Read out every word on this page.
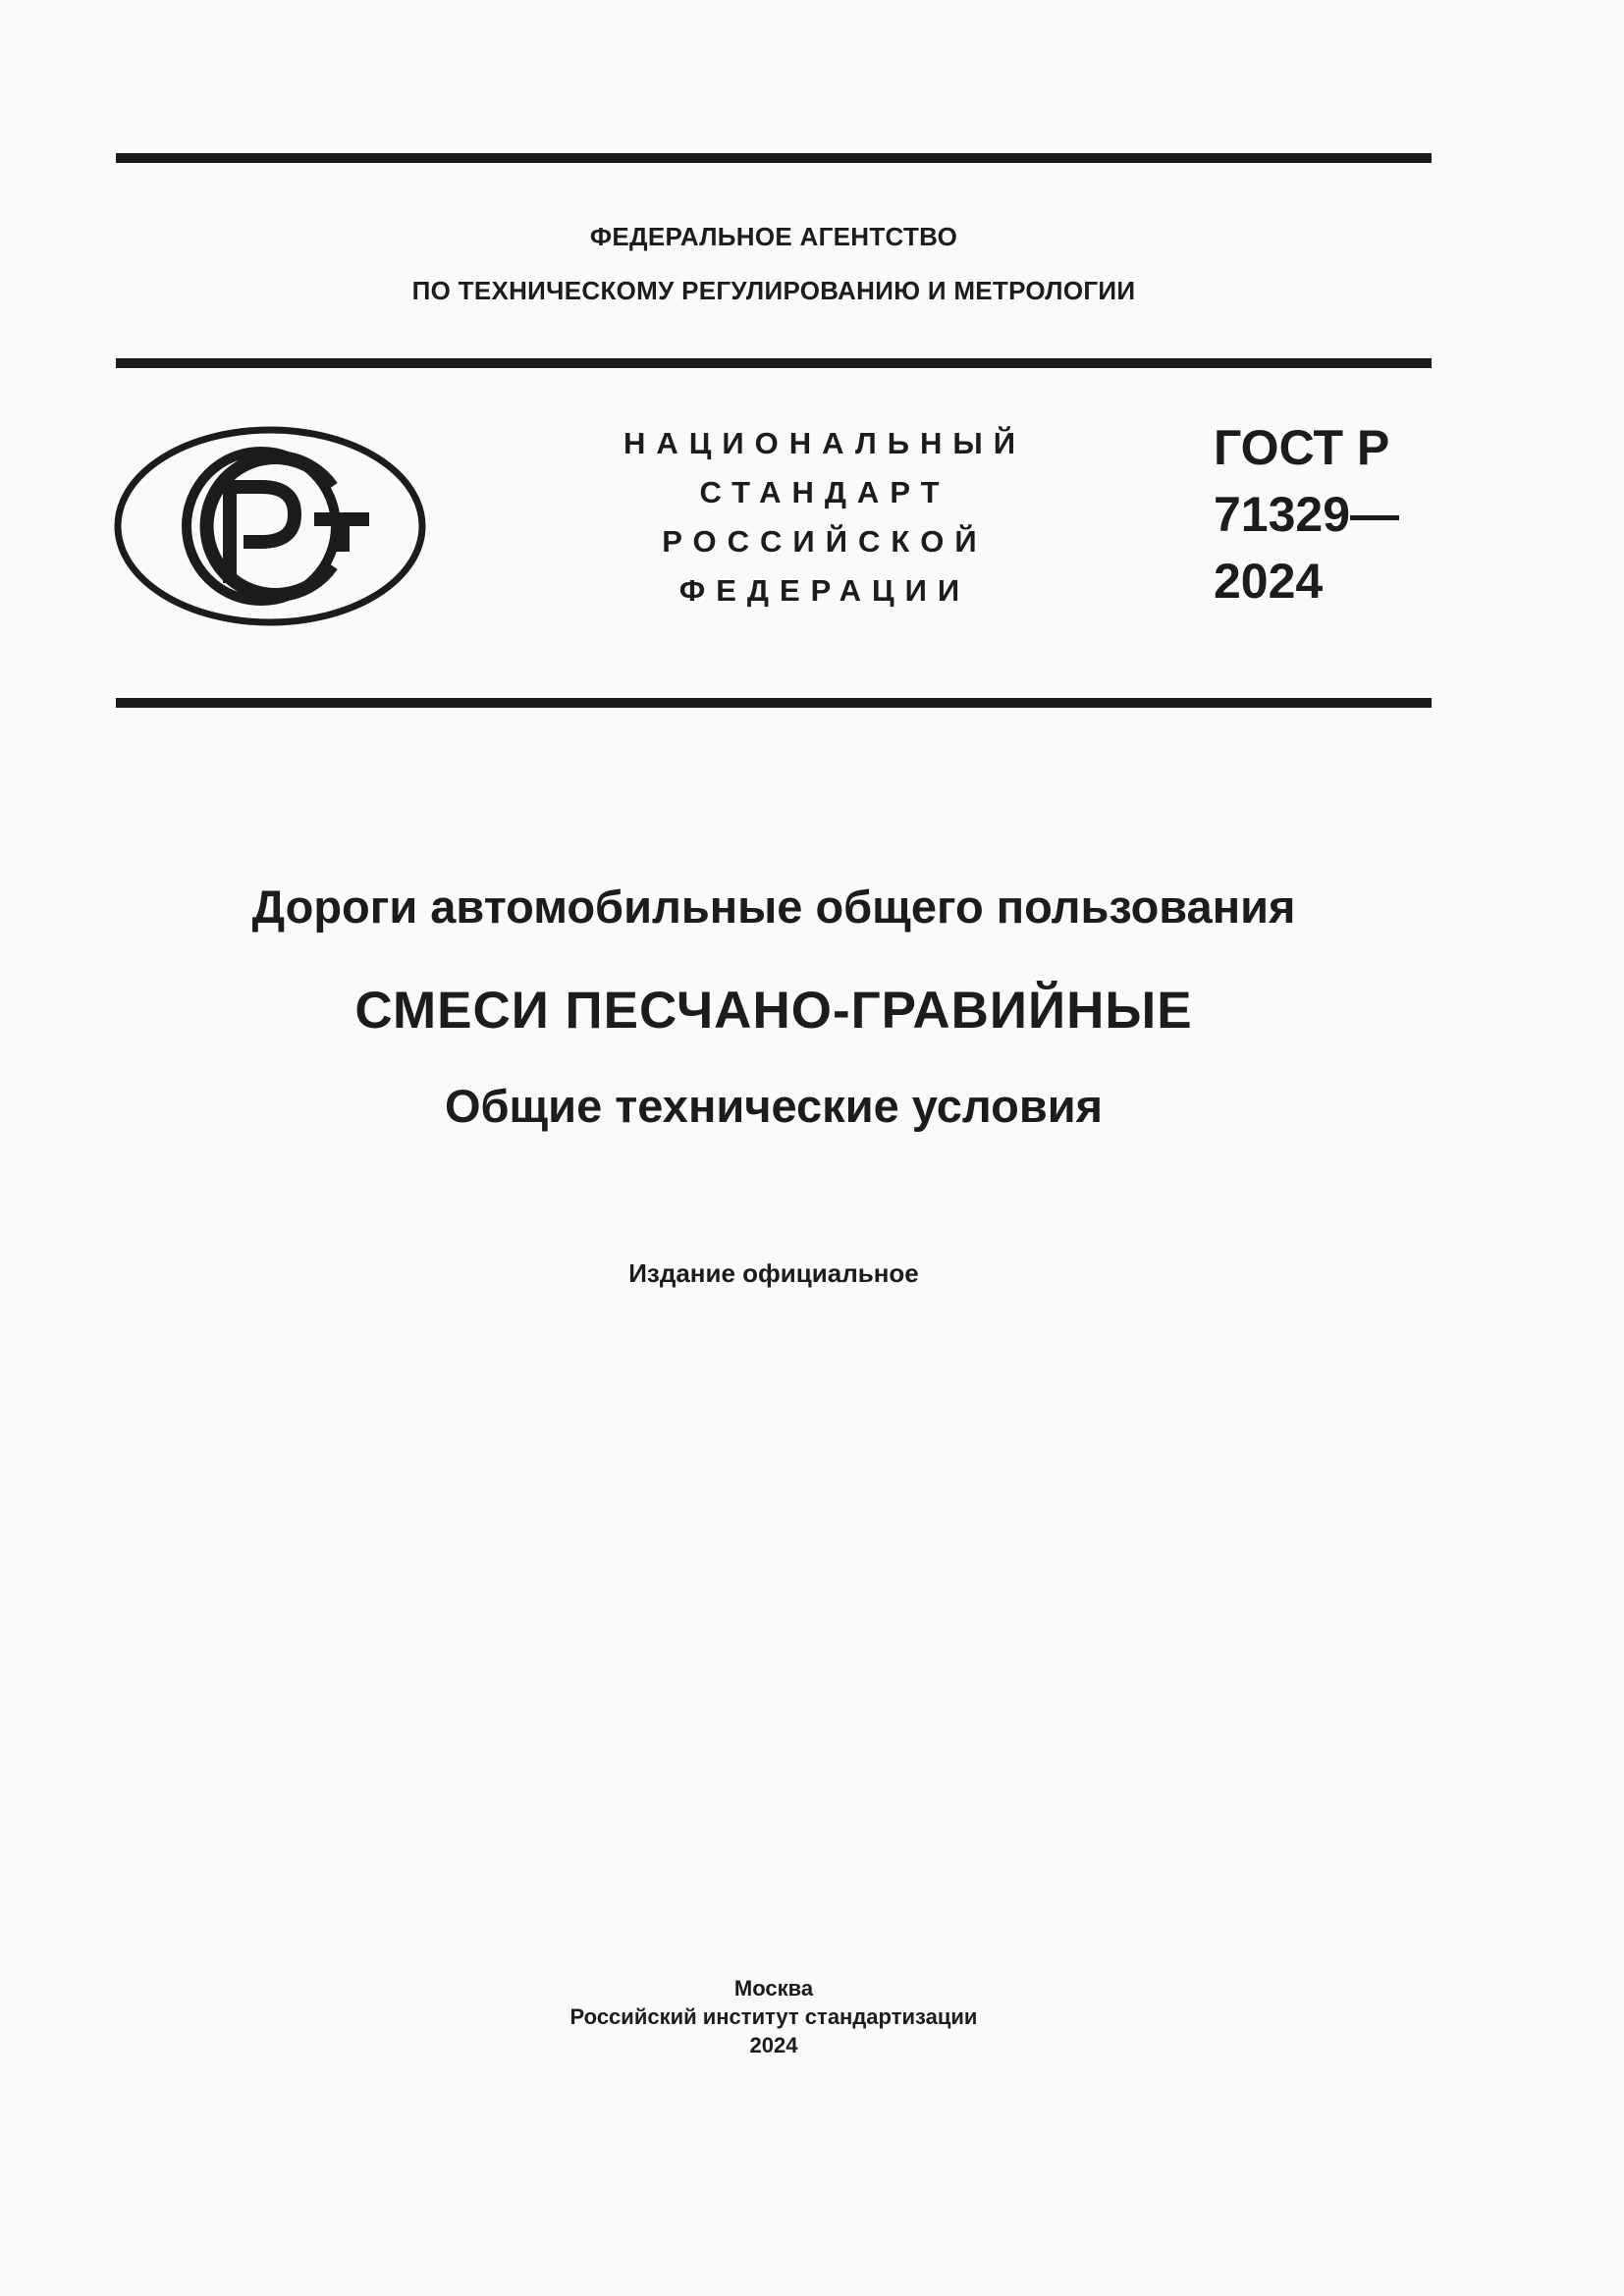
ФЕДЕРАЛЬНОЕ АГЕНТСТВО
ПО ТЕХНИЧЕСКОМУ РЕГУЛИРОВАНИЮ И МЕТРОЛОГИИ
НАЦИОНАЛЬНЫЙ
СТАНДАРТ
РОССИЙСКОЙ
ФЕДЕРАЦИИ
ГОСТ Р
71329—
2024
Дороги автомобильные общего пользования
СМЕСИ ПЕСЧАНО-ГРАВИЙНЫЕ
Общие технические условия
Издание официальное
Москва
Российский институт стандартизации
2024
